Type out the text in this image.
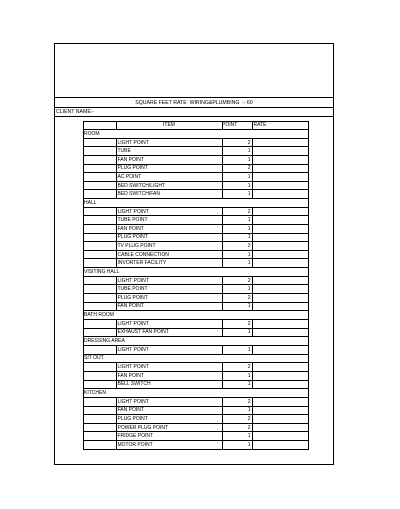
SQUARE FEET RATE  WIRING&PLUMBING  :- 60
CLIENT NAME:-
ITEM	POINT	RATE
ROOM
LIGHT POINT	2
TUBE	1
FAN POINT	1
PLUG POINT	2
AC POINT	1
BED SWITCH/LIGHT	1
BED SWITCH/FAN	1
HALL
LIGHT POINT	2
TUBE POINT	1
FAN POINT	1
PLUG POINT	1
TV PLUG POINT	3
CABLE CONNECTION	1
INVORTER FACILITY	1
VISITING HALL
LIGHT POINT	2
TUBE POINT	1
PLUG POINT	2
FAN POINT	1
BATH ROOM
LIGHT POINT	2
EXHAUST FAN POINT	1
DRESSING AREA
LIGHT POINT	1
SIT OUT
LIGHT POINT	2
FAN POINT	1
BELL SWITCH	1
KITCHEN
LIGHT POINT	2
FAN POINT	1
PLUG POINT	2
POWER PLUG POINT	2
FRIDGE POINT	1
MOTOR POINT	1
